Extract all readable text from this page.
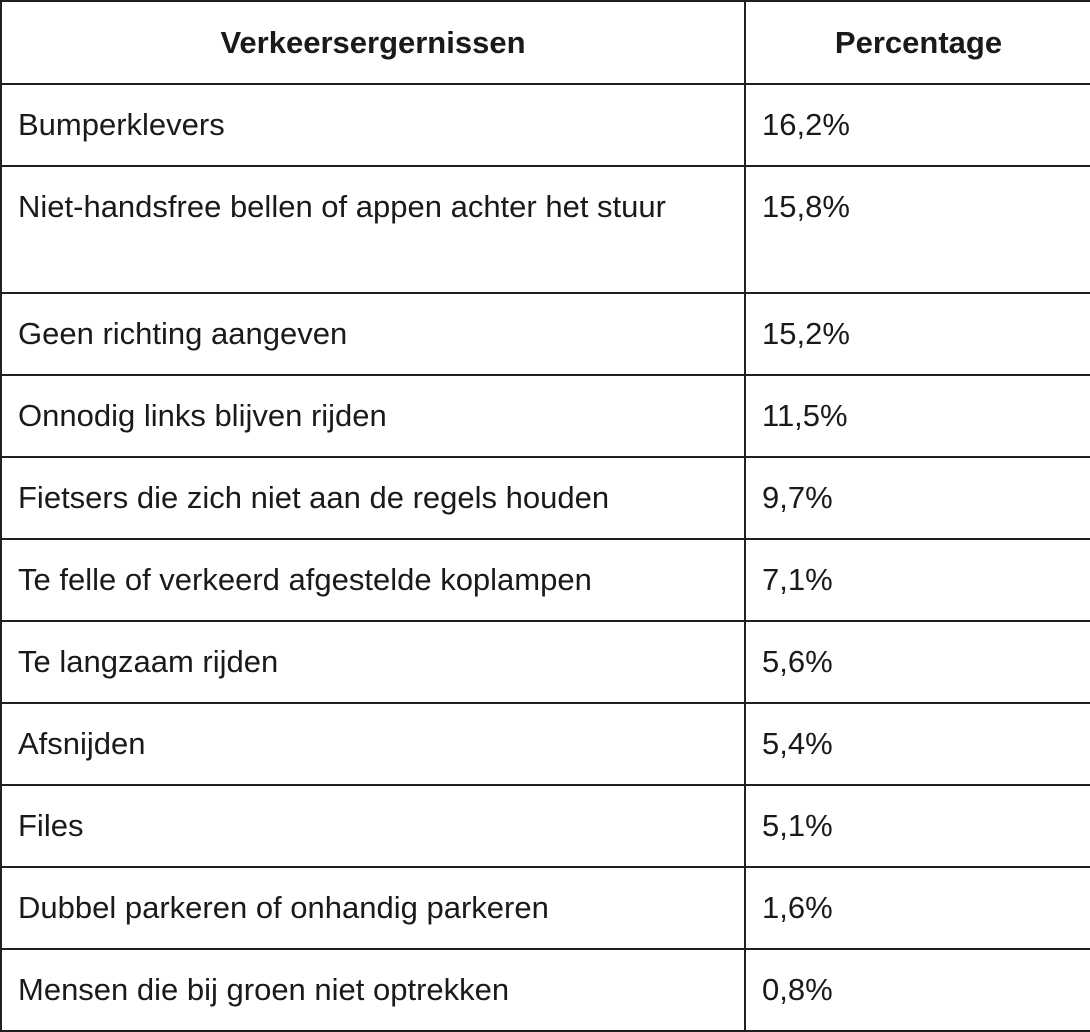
Verkeersergernissen	Percentage
Bumperklevers	16,2%
Niet-handsfree bellen of appen achter het stuur	15,8%
Geen richting aangeven	15,2%
Onnodig links blijven rijden	11,5%
Fietsers die zich niet aan de regels houden	9,7%
Te felle of verkeerd afgestelde koplampen	7,1%
Te langzaam rijden	5,6%
Afsnijden	5,4%
Files	5,1%
Dubbel parkeren of onhandig parkeren	1,6%
Mensen die bij groen niet optrekken	0,8%
